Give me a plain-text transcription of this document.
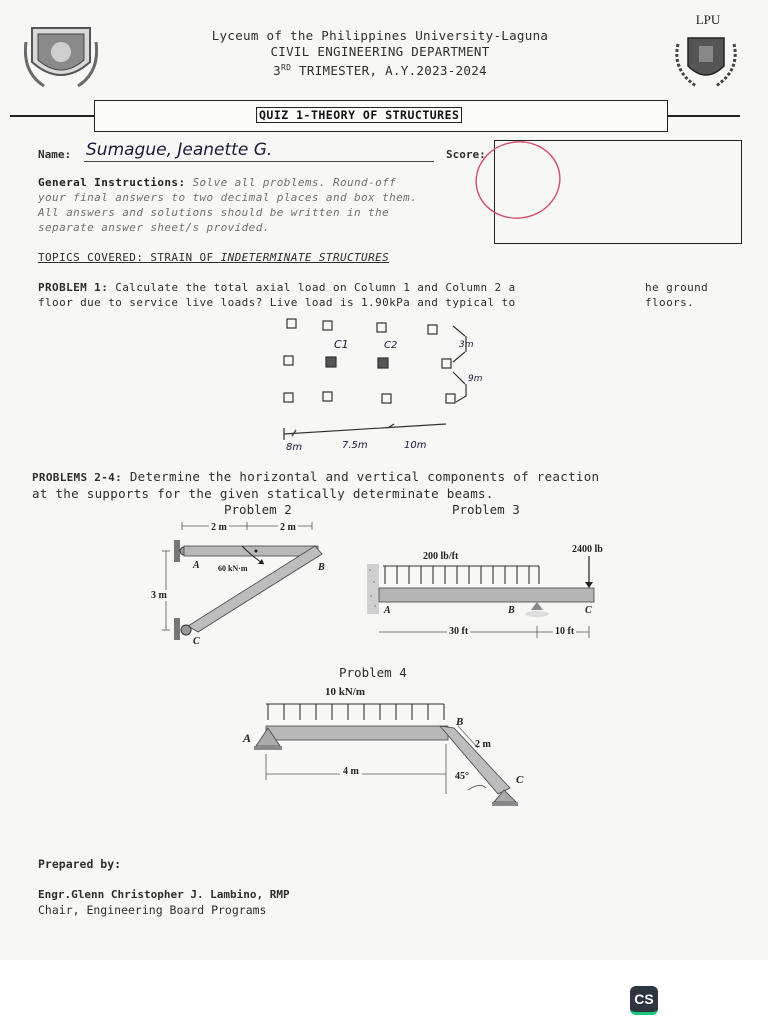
LPU
Lyceum of the Philippines University-Laguna
CIVIL ENGINEERING DEPARTMENT
3RD TRIMESTER, A.Y.2023-2024
QUIZ 1-THEORY OF STRUCTURES
Name: Sumague, Jeanette G.	Score:
General Instructions: Solve all problems. Round-off
your final answers to two decimal places and box them.
All answers and solutions should be written in the
separate answer sheet/s provided.
TOPICS COVERED: STRAIN OF INDETERMINATE STRUCTURES
PROBLEM 1: Calculate the total axial load on Column 1 and Column 2 a	he ground
floor due to service live loads? Live load is 1.90kPa and typical to	floors.
C1	C2	3m
9m
8m	7.5m	10m
PROBLEMS 2-4: Determine the horizontal and vertical components of reaction
at the supports for the given statically determinate beams.
Problem 2	Problem 3
2 m	2 m
60 kN·m
3 m
A	B
C
200 lb/ft
2400 lb
30 ft	10 ft
A	B	C
Problem 4
10 kN/m
A
B
C
2 m
45°
4 m
Prepared by:
Engr.Glenn Christopher J. Lambino, RMP
Chair, Engineering Board Programs
CS
